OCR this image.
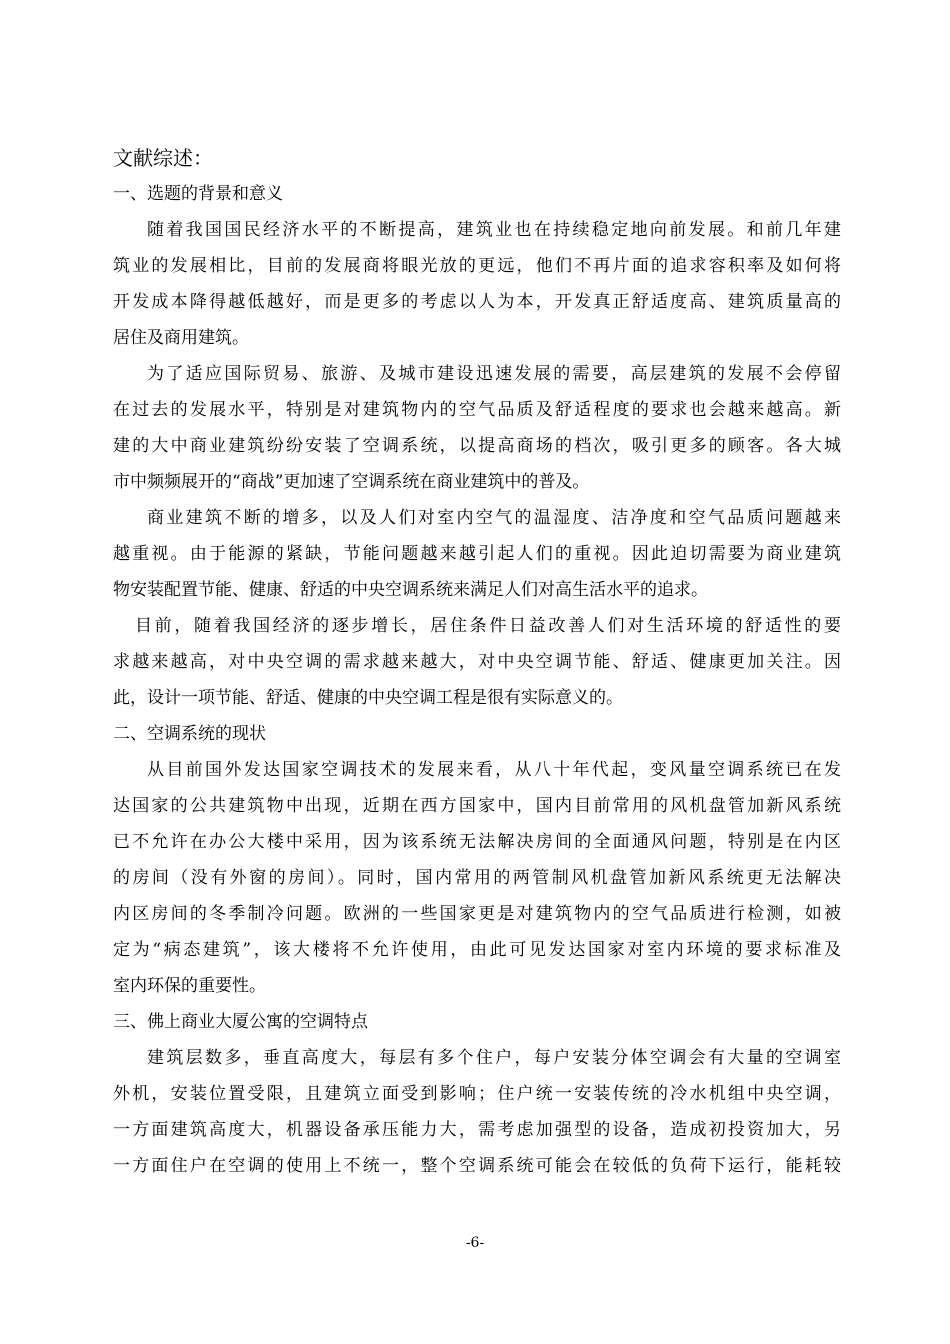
文献综述：
一、选题的背景和意义
随着我国国民经济水平的不断提高，建筑业也在持续稳定地向前发展。和前几年建
筑业的发展相比，目前的发展商将眼光放的更远，他们不再片面的追求容积率及如何将
开发成本降得越低越好，而是更多的考虑以人为本，开发真正舒适度高、建筑质量高的
居住及商用建筑。
为了适应国际贸易、旅游、及城市建设迅速发展的需要，高层建筑的发展不会停留
在过去的发展水平，特别是对建筑物内的空气品质及舒适程度的要求也会越来越高。新
建的大中商业建筑纷纷安装了空调系统，以提高商场的档次，吸引更多的顾客。各大城
市中频频展开的“商战”更加速了空调系统在商业建筑中的普及。
商业建筑不断的增多，以及人们对室内空气的温湿度、洁净度和空气品质问题越来
越重视。由于能源的紧缺，节能问题越来越引起人们的重视。因此迫切需要为商业建筑
物安装配置节能、健康、舒适的中央空调系统来满足人们对高生活水平的追求。
目前，随着我国经济的逐步增长，居住条件日益改善人们对生活环境的舒适性的要
求越来越高，对中央空调的需求越来越大，对中央空调节能、舒适、健康更加关注。因
此，设计一项节能、舒适、健康的中央空调工程是很有实际意义的。
二、空调系统的现状
从目前国外发达国家空调技术的发展来看，从八十年代起，变风量空调系统已在发
达国家的公共建筑物中出现，近期在西方国家中，国内目前常用的风机盘管加新风系统
已不允许在办公大楼中采用，因为该系统无法解决房间的全面通风问题，特别是在内区
的房间（没有外窗的房间）。同时，国内常用的两管制风机盘管加新风系统更无法解决
内区房间的冬季制冷问题。欧洲的一些国家更是对建筑物内的空气品质进行检测，如被
定为“病态建筑”，该大楼将不允许使用，由此可见发达国家对室内环境的要求标准及
室内环保的重要性。
三、佛上商业大厦公寓的空调特点
建筑层数多，垂直高度大，每层有多个住户，每户安装分体空调会有大量的空调室
外机，安装位置受限，且建筑立面受到影响；住户统一安装传统的冷水机组中央空调，
一方面建筑高度大，机器设备承压能力大，需考虑加强型的设备，造成初投资加大，另
一方面住户在空调的使用上不统一，整个空调系统可能会在较低的负荷下运行，能耗较
-6-
